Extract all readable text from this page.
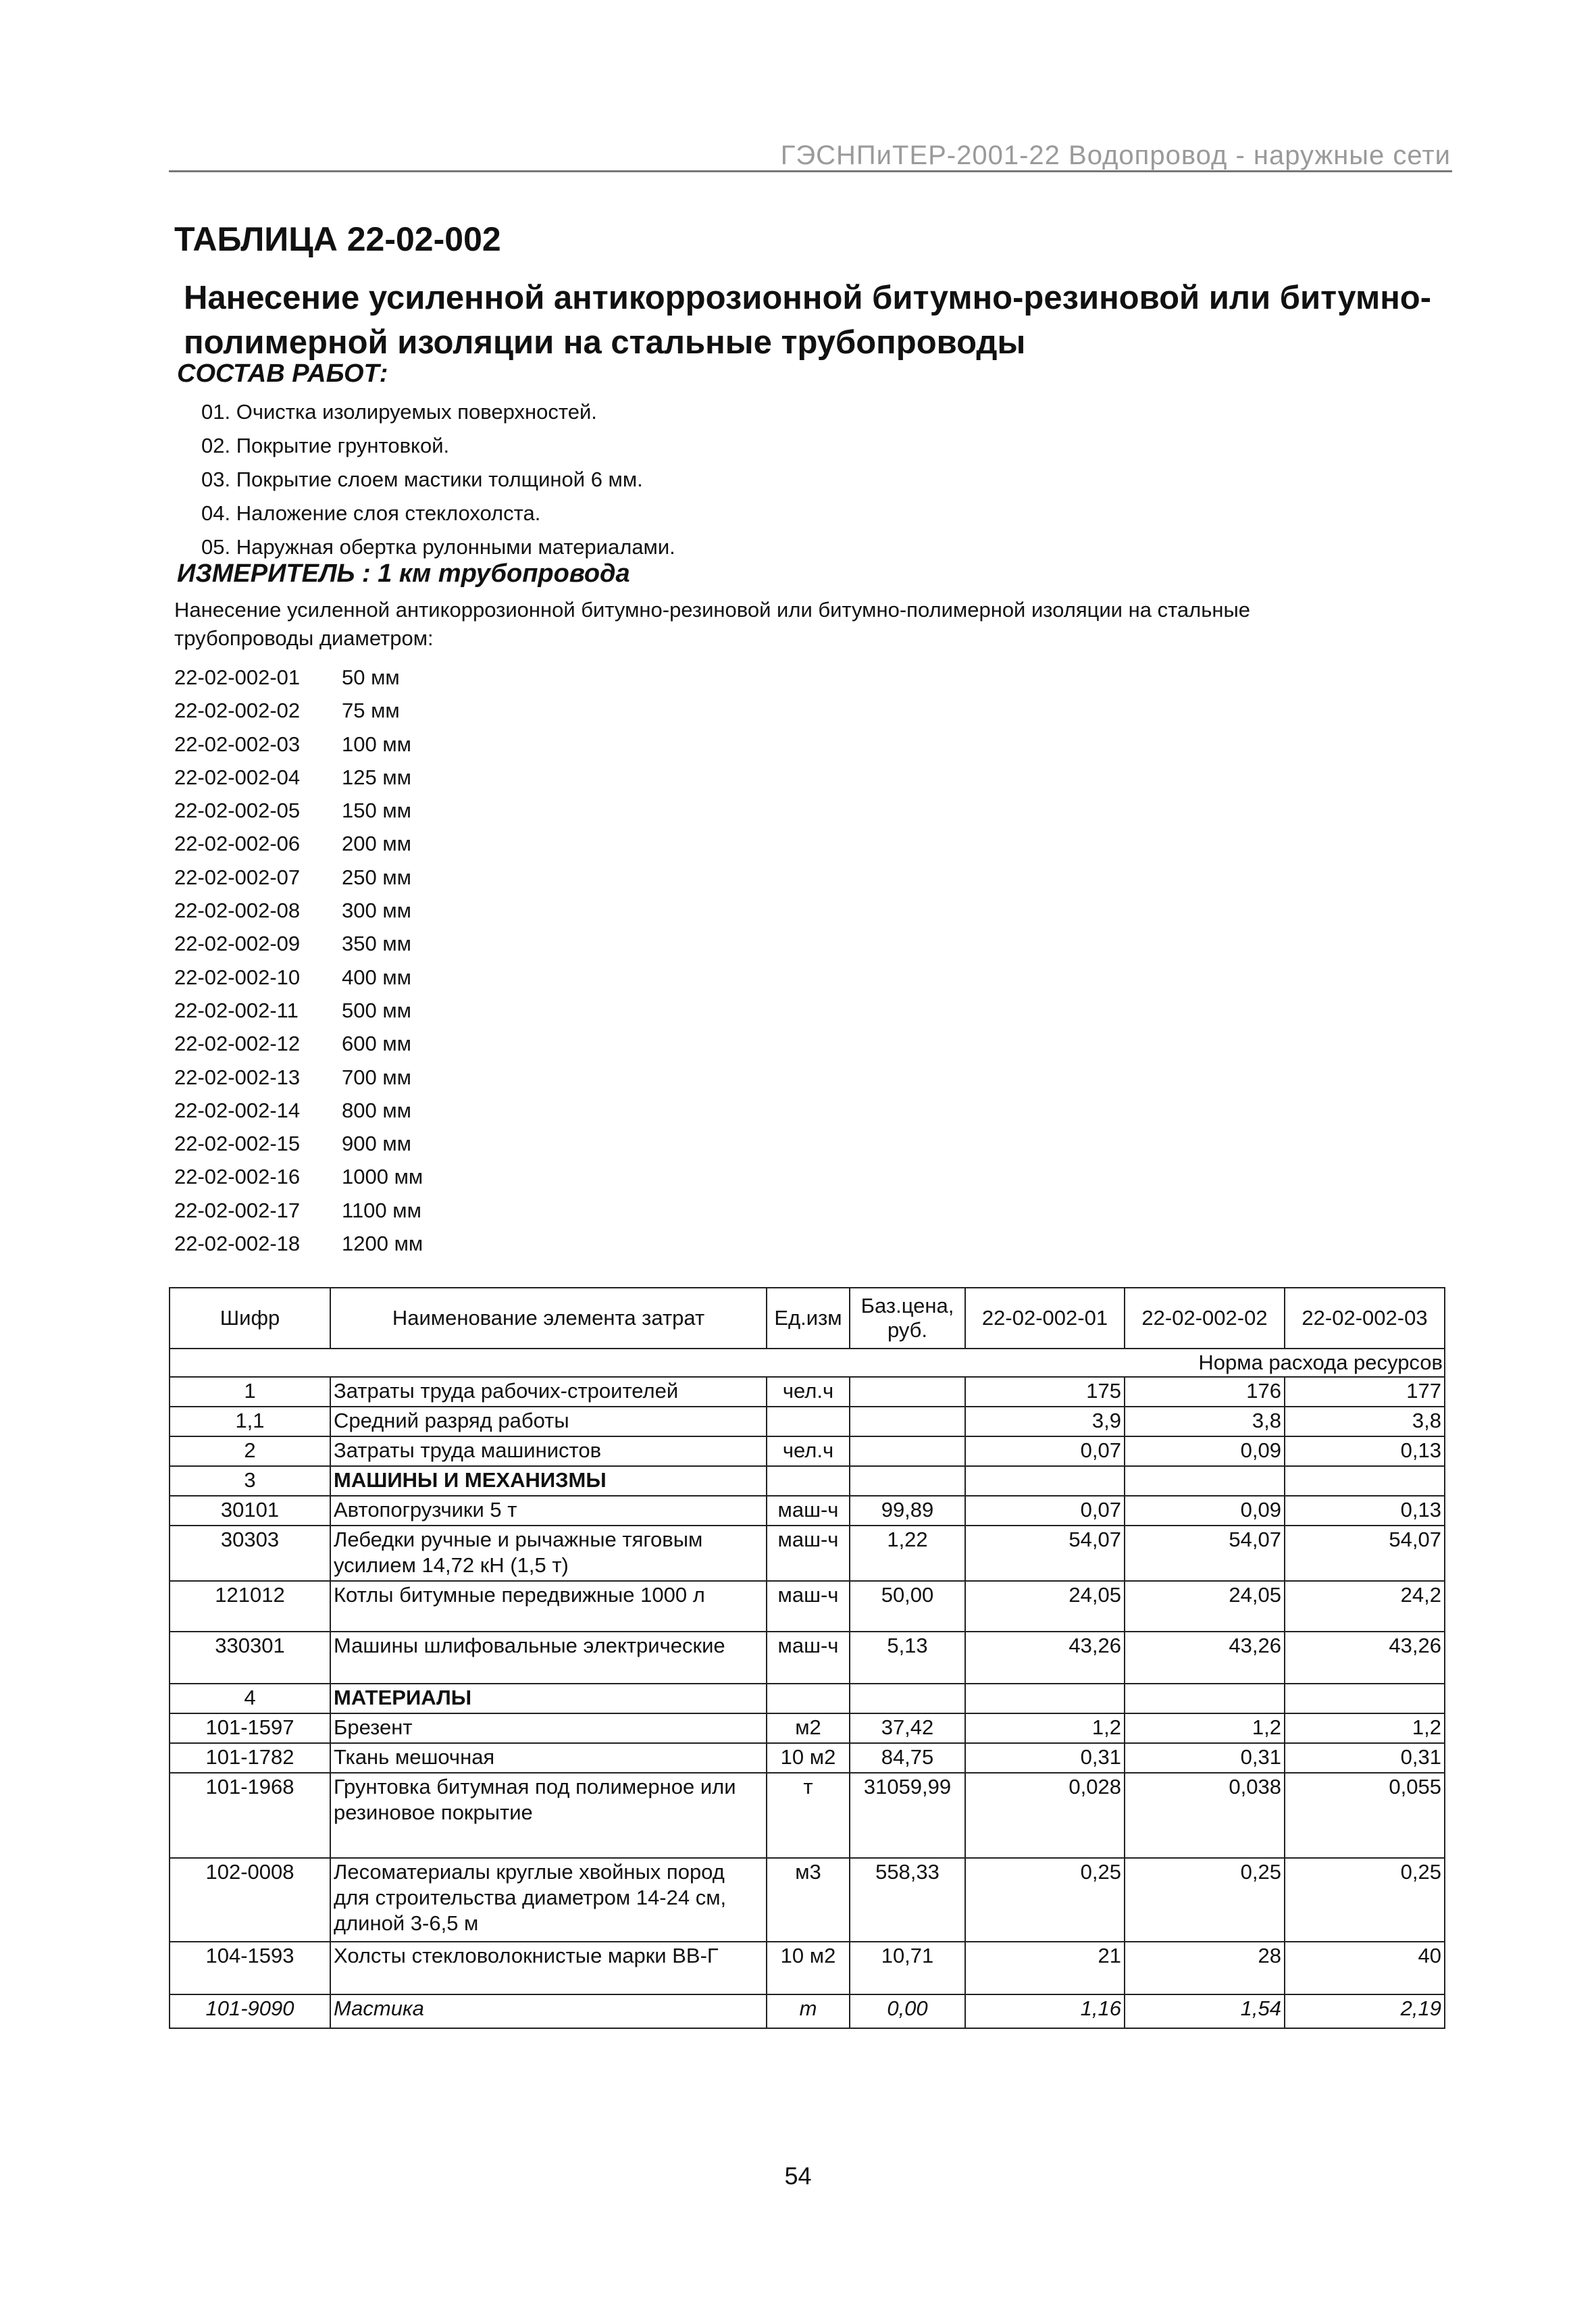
ГЭСНПиТЕР-2001-22 Водопровод - наружные сети
ТАБЛИЦА 22-02-002
Нанесение усиленной антикоррозионной битумно-резиновой или битумно-полимерной изоляции на стальные трубопроводы
СОСТАВ РАБОТ:
01. Очистка изолируемых поверхностей.
02. Покрытие грунтовкой.
03. Покрытие слоем мастики толщиной 6 мм.
04. Наложение слоя стеклохолста.
05. Наружная обертка рулонными материалами.
ИЗМЕРИТЕЛЬ : 1 км трубопровода
Нанесение усиленной антикоррозионной битумно-резиновой или битумно-полимерной изоляции на стальные трубопроводы диаметром:
22-02-002-01	50 мм
22-02-002-02	75 мм
22-02-002-03	100 мм
22-02-002-04	125 мм
22-02-002-05	150 мм
22-02-002-06	200 мм
22-02-002-07	250 мм
22-02-002-08	300 мм
22-02-002-09	350 мм
22-02-002-10	400 мм
22-02-002-11	500 мм
22-02-002-12	600 мм
22-02-002-13	700 мм
22-02-002-14	800 мм
22-02-002-15	900 мм
22-02-002-16	1000 мм
22-02-002-17	1100 мм
22-02-002-18	1200 мм
Шифр	Наименование элемента затрат	Ед.изм	Баз.цена, руб.	22-02-002-01	22-02-002-02	22-02-002-03
Норма расхода ресурсов						
1	Затраты труда рабочих-строителей	чел.ч		175	176	177
1,1	Средний разряд работы			3,9	3,8	3,8
2	Затраты труда машинистов	чел.ч		0,07	0,09	0,13
3	МАШИНЫ И МЕХАНИЗМЫ					
30101	Автопогрузчики 5 т	маш-ч	99,89	0,07	0,09	0,13
30303	Лебедки ручные и рычажные тяговым усилием 14,72 кН (1,5 т)	маш-ч	1,22	54,07	54,07	54,07
121012	Котлы битумные передвижные 1000 л	маш-ч	50,00	24,05	24,05	24,2
330301	Машины шлифовальные электрические	маш-ч	5,13	43,26	43,26	43,26
4	МАТЕРИАЛЫ					
101-1597	Брезент	м2	37,42	1,2	1,2	1,2
101-1782	Ткань мешочная	10 м2	84,75	0,31	0,31	0,31
101-1968	Грунтовка битумная под полимерное или резиновое покрытие	т	31059,99	0,028	0,038	0,055
102-0008	Лесоматериалы круглые хвойных пород для строительства диаметром 14-24 см, длиной 3-6,5 м	м3	558,33	0,25	0,25	0,25
104-1593	Холсты стекловолокнистые марки ВВ-Г	10 м2	10,71	21	28	40
101-9090	Мастика	т	0,00	1,16	1,54	2,19
54
